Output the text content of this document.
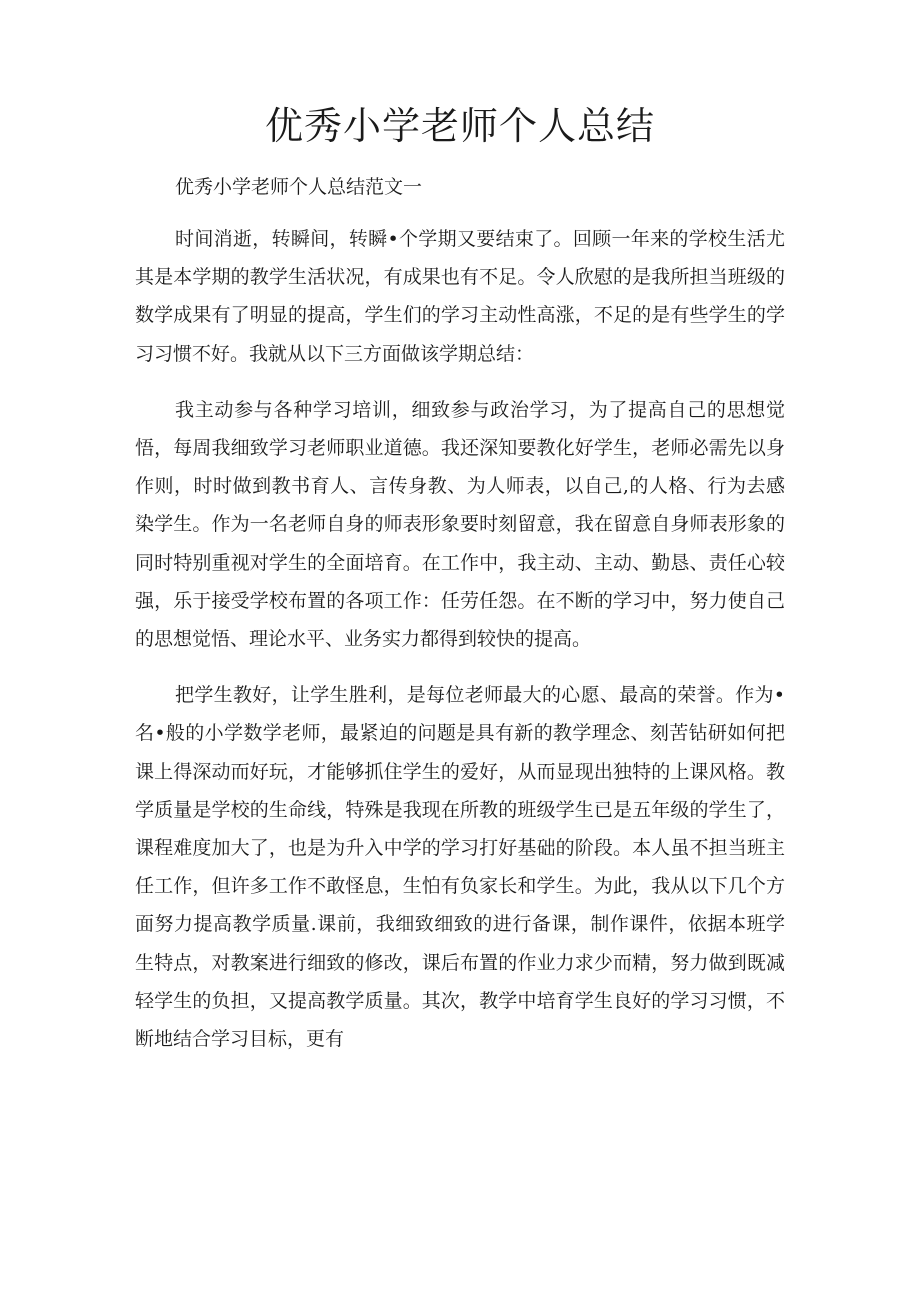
优秀小学老师个人总结

优秀小学老师个人总结范文一

时间消逝，转瞬间，转瞬•个学期又要结束了。回顾一年来的学校生活尤其是本学期的教学生活状况，有成果也有不足。令人欣慰的是我所担当班级的数学成果有了明显的提高，学生们的学习主动性高涨，不足的是有些学生的学习习惯不好。我就从以下三方面做该学期总结：

我主动参与各种学习培训，细致参与政治学习，为了提高自己的思想觉悟，每周我细致学习老师职业道德。我还深知要教化好学生，老师必需先以身作则，时时做到教书育人、言传身教、为人师表，以自己,的人格、行为去感染学生。作为一名老师自身的师表形象要时刻留意，我在留意自身师表形象的同时特别重视对学生的全面培育。在工作中，我主动、主动、勤恳、责任心较强，乐于接受学校布置的各项工作：任劳任怨。在不断的学习中，努力使自己的思想觉悟、理论水平、业务实力都得到较快的提高。

把学生教好，让学生胜利，是每位老师最大的心愿、最高的荣誉。作为•名•般的小学数学老师，最紧迫的问题是具有新的教学理念、刻苦钻研如何把课上得深动而好玩，才能够抓住学生的爱好，从而显现出独特的上课风格。教学质量是学校的生命线，特殊是我现在所教的班级学生已是五年级的学生了，课程难度加大了，也是为升入中学的学习打好基础的阶段。本人虽不担当班主任工作，但许多工作不敢怪息，生怕有负家长和学生。为此，我从以下几个方面努力提高教学质量.课前，我细致细致的进行备课，制作课件，依据本班学生特点，对教案进行细致的修改，课后布置的作业力求少而精，努力做到既减轻学生的负担，又提高教学质量。其次，教学中培育学生良好的学习习惯，不断地结合学习目标，更有
